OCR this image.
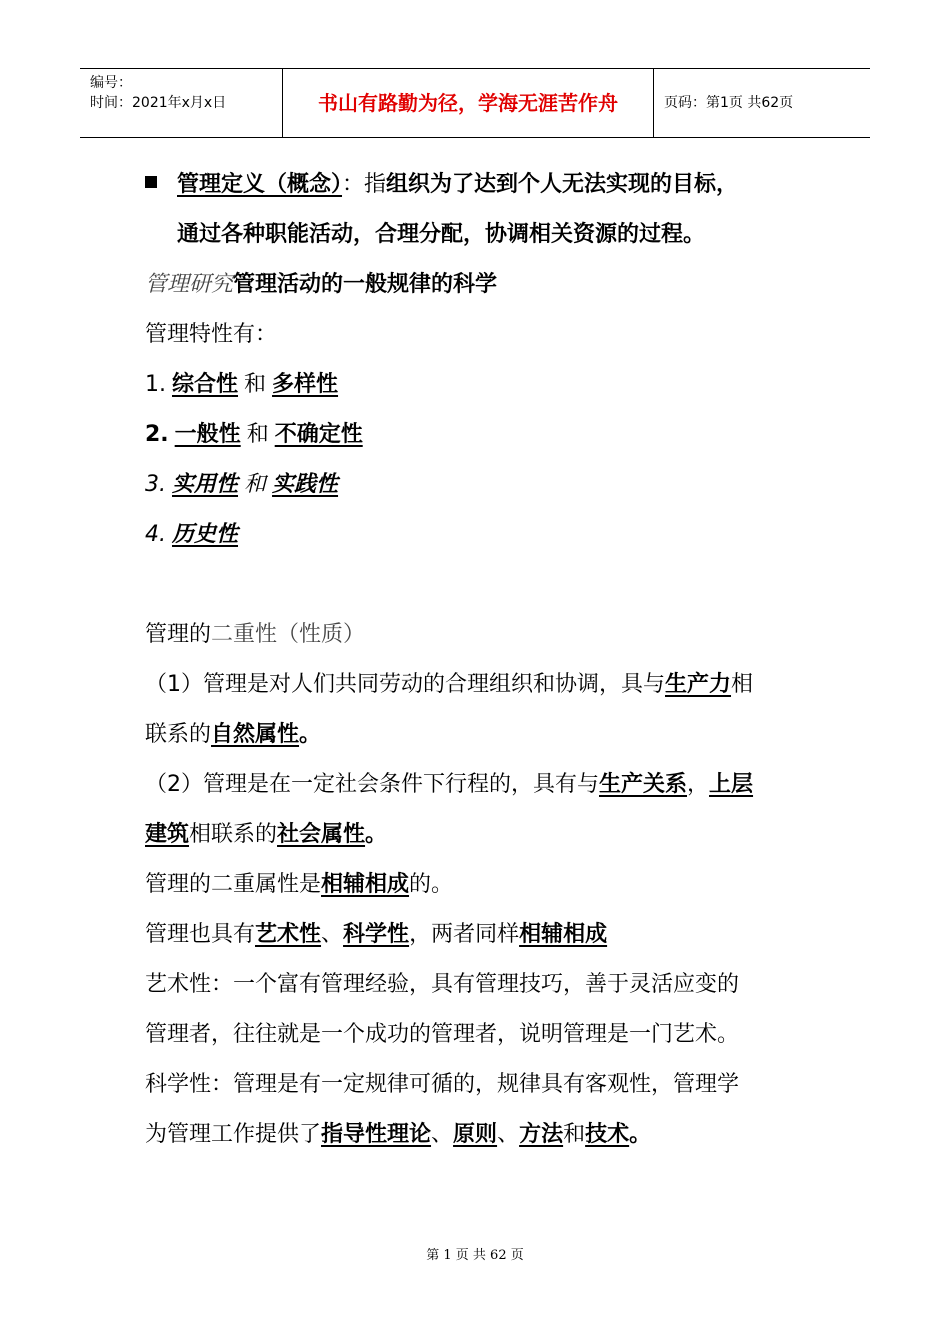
编号：
时间：2021年x月x日	书山有路勤为径，学海无涯苦作舟	页码：第1页 共62页
管理定义（概念）：指组织为了达到个人无法实现的目标，
通过各种职能活动，合理分配，协调相关资源的过程。
管理研究管理活动的一般规律的科学
管理特性有：
1. 综合性 和 多样性
2. 一般性 和 不确定性
3. 实用性 和 实践性
4. 历史性
管理的二重性（性质）
（1）管理是对人们共同劳动的合理组织和协调，具与生产力相
联系的自然属性。
（2）管理是在一定社会条件下行程的，具有与生产关系，上层
建筑相联系的社会属性。
管理的二重属性是相辅相成的。
管理也具有艺术性、科学性，两者同样相辅相成
艺术性：一个富有管理经验，具有管理技巧，善于灵活应变的
管理者，往往就是一个成功的管理者，说明管理是一门艺术。
科学性：管理是有一定规律可循的，规律具有客观性，管理学
为管理工作提供了指导性理论、原则、方法和技术。
第 1 页 共 62 页
